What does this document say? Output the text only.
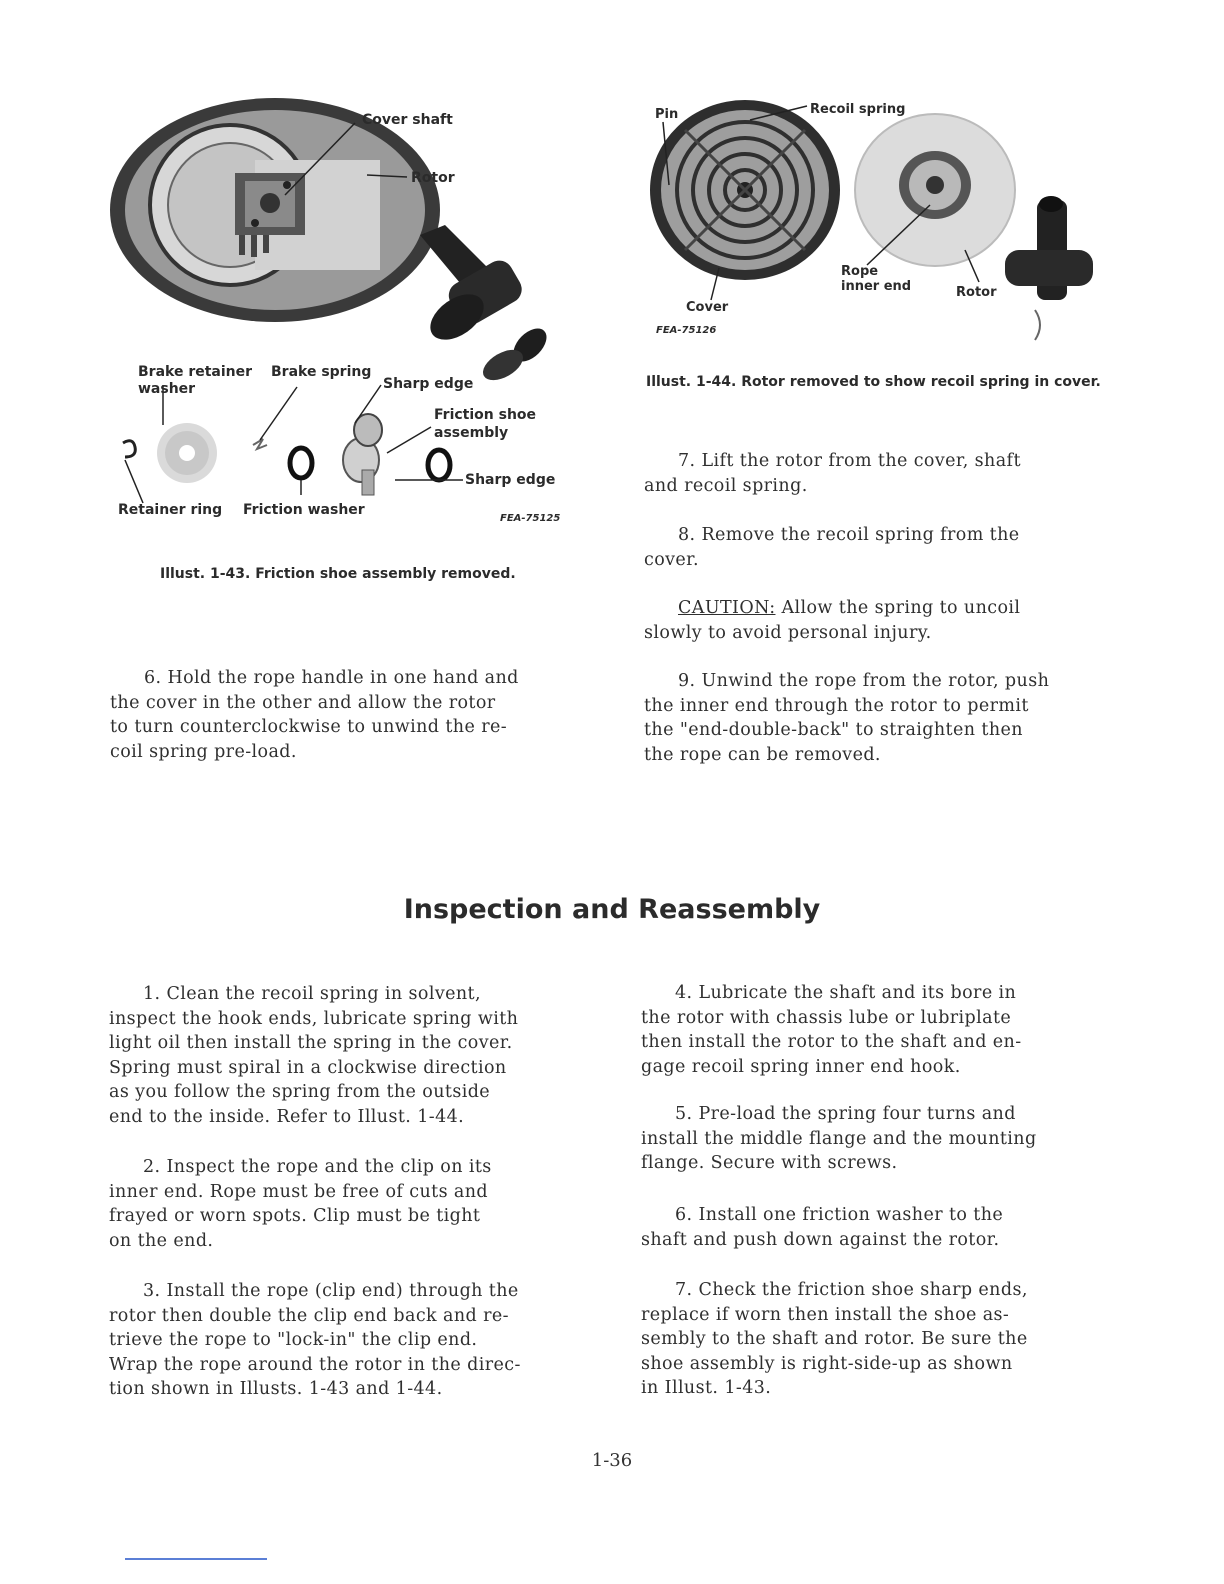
Cover shaft
Rotor
Brake retainer
washer
Brake spring
Sharp edge
Friction shoe
assembly
Sharp edge
Retainer ring Friction washer
FEA-75125
Illust. 1-43. Friction shoe assembly removed.
Pin	Recoil spring
Rope
inner end	Rotor
Cover
FEA-75126
Illust. 1-44. Rotor removed to show recoil spring in cover.
6. Hold the rope handle in one hand and
the cover in the other and allow the rotor
to turn counterclockwise to unwind the re-
coil spring pre-load.
7. Lift the rotor from the cover, shaft
and recoil spring.
8. Remove the recoil spring from the
cover.
CAUTION: Allow the spring to uncoil
slowly to avoid personal injury.
9. Unwind the rope from the rotor, push
the inner end through the rotor to permit
the "end-double-back" to straighten then
the rope can be removed.
Inspection and Reassembly
1. Clean the recoil spring in solvent,
inspect the hook ends, lubricate spring with
light oil then install the spring in the cover.
Spring must spiral in a clockwise direction
as you follow the spring from the outside
end to the inside. Refer to Illust. 1-44.
2. Inspect the rope and the clip on its
inner end. Rope must be free of cuts and
frayed or worn spots. Clip must be tight
on the end.
3. Install the rope (clip end) through the
rotor then double the clip end back and re-
trieve the rope to "lock-in" the clip end.
Wrap the rope around the rotor in the direc-
tion shown in Illusts. 1-43 and 1-44.
4. Lubricate the shaft and its bore in
the rotor with chassis lube or lubriplate
then install the rotor to the shaft and en-
gage recoil spring inner end hook.
5. Pre-load the spring four turns and
install the middle flange and the mounting
flange. Secure with screws.
6. Install one friction washer to the
shaft and push down against the rotor.
7. Check the friction shoe sharp ends,
replace if worn then install the shoe as-
sembly to the shaft and rotor. Be sure the
shoe assembly is right-side-up as shown
in Illust. 1-43.
1-36
